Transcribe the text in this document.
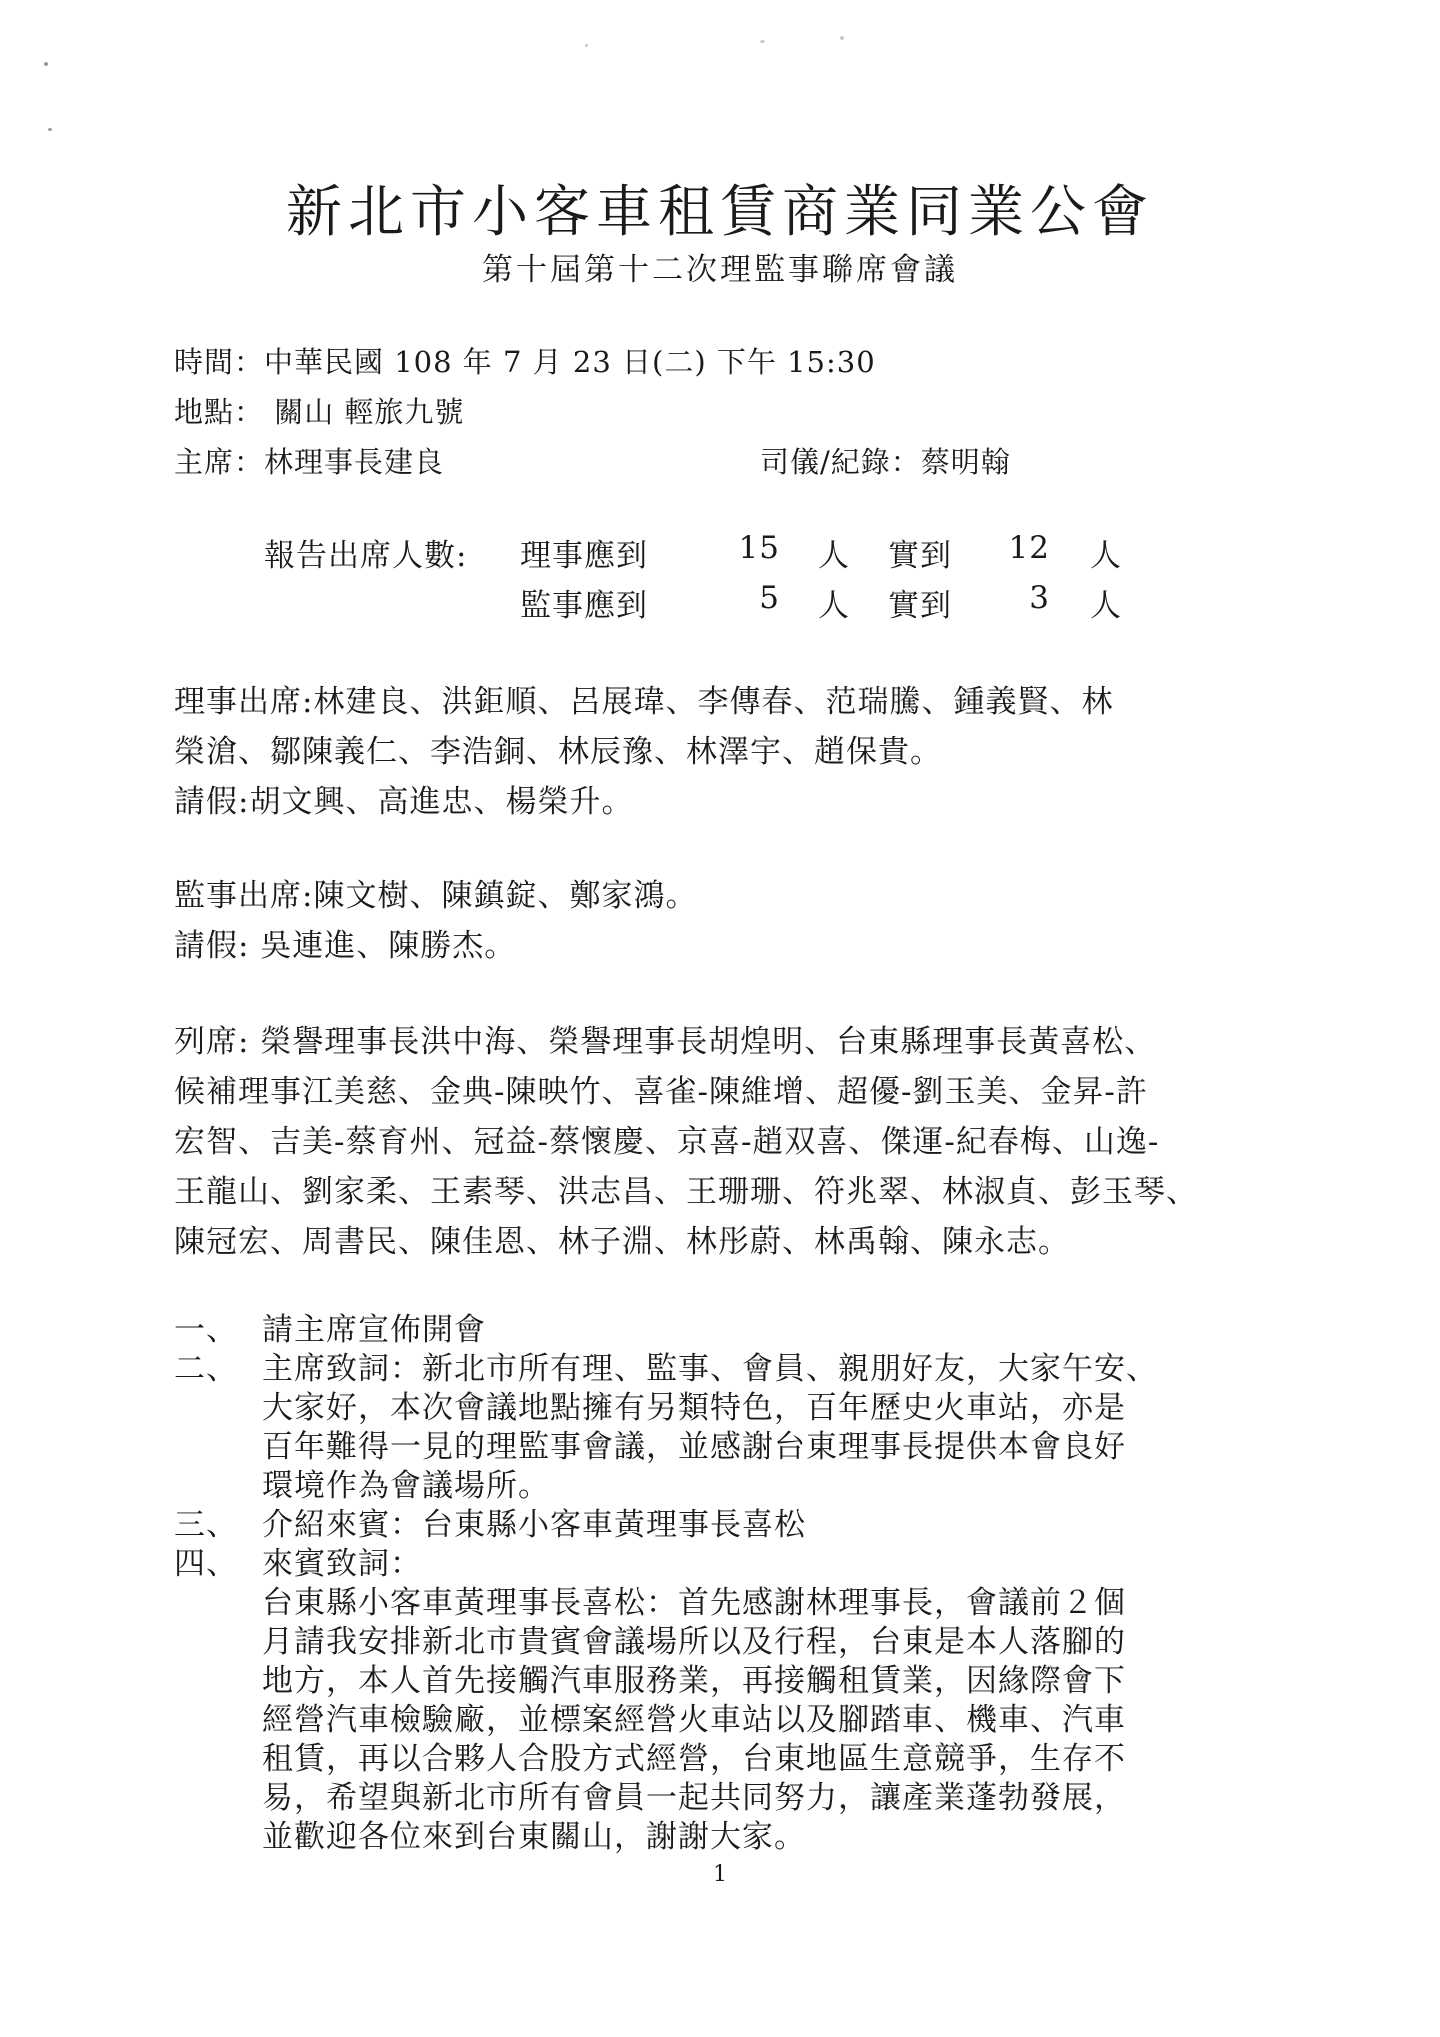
新北市小客車租賃商業同業公會
第十屆第十二次理監事聯席會議
時間：中華民國 108 年 7 月 23 日(二) 下午 15:30
地點： 關山 輕旅九號
主席：林理事長建良	司儀/紀錄：蔡明翰
報告出席人數: 理事應到	15 人 實到	12 人
監事應到	5 人 實到	3 人
理事出席:林建良、洪鉅順、呂展瑋、李傳春、范瑞騰、鍾義賢、林
榮滄、鄒陳義仁、李浩銅、林辰豫、林澤宇、趙保貴。
請假:胡文興、高進忠、楊榮升。
監事出席:陳文樹、陳鎮錠、鄭家鴻。
請假: 吳連進、陳勝杰。
列席: 榮譽理事長洪中海、榮譽理事長胡煌明、台東縣理事長黃喜松、
候補理事江美慈、金典-陳映竹、喜雀-陳維增、超優-劉玉美、金昇-許
宏智、吉美-蔡育州、冠益-蔡懷慶、京喜-趙双喜、傑運-紀春梅、山逸-
王龍山、劉家柔、王素琴、洪志昌、王珊珊、符兆翠、林淑貞、彭玉琴、
陳冠宏、周書民、陳佳恩、林子淵、林彤蔚、林禹翰、陳永志。
一、 請主席宣佈開會
二、 主席致詞：新北市所有理、監事、會員、親朋好友，大家午安、
大家好，本次會議地點擁有另類特色，百年歷史火車站，亦是
百年難得一見的理監事會議，並感謝台東理事長提供本會良好
環境作為會議場所。
三、 介紹來賓：台東縣小客車黃理事長喜松
四、 來賓致詞：
台東縣小客車黃理事長喜松：首先感謝林理事長，會議前２個
月請我安排新北市貴賓會議場所以及行程，台東是本人落腳的
地方，本人首先接觸汽車服務業，再接觸租賃業，因緣際會下
經營汽車檢驗廠，並標案經營火車站以及腳踏車、機車、汽車
租賃，再以合夥人合股方式經營，台東地區生意競爭，生存不
易，希望與新北市所有會員一起共同努力，讓產業蓬勃發展，
並歡迎各位來到台東關山，謝謝大家。
1
